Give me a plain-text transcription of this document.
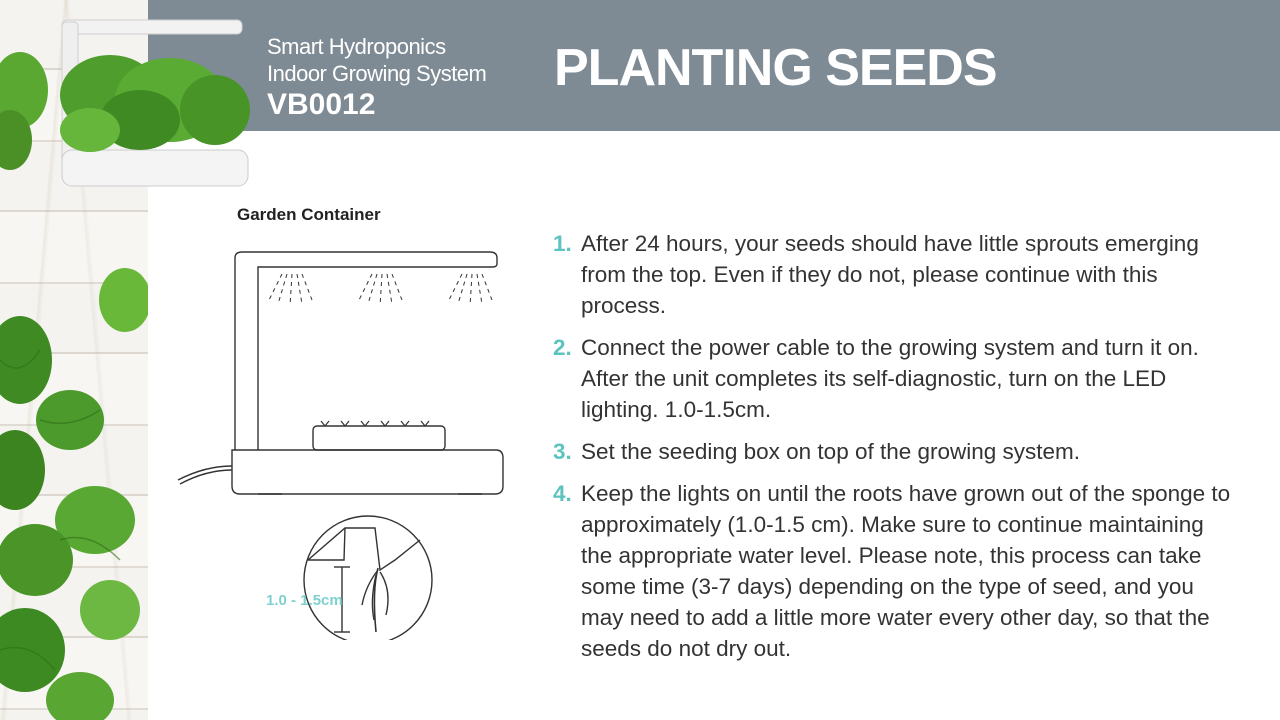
Smart Hydroponics
Indoor Growing System
VB0012
PLANTING SEEDS
Garden Container
1.0 - 1.5cm
1. After 24 hours, your seeds should have little sprouts emerging from the top. Even if they do not, please continue with this process.
2. Connect the power cable to the growing system and turn it on. After the unit completes its self-diagnostic, turn on the LED lighting. 1.0-1.5cm.
3. Set the seeding box on top of the growing system.
4. Keep the lights on until the roots have grown out of the sponge to approximately (1.0-1.5 cm). Make sure to continue maintaining the appropriate water level. Please note, this process can take some time (3-7 days) depending on the type of seed, and you may need to add a little more water every other day, so that the seeds do not dry out.
